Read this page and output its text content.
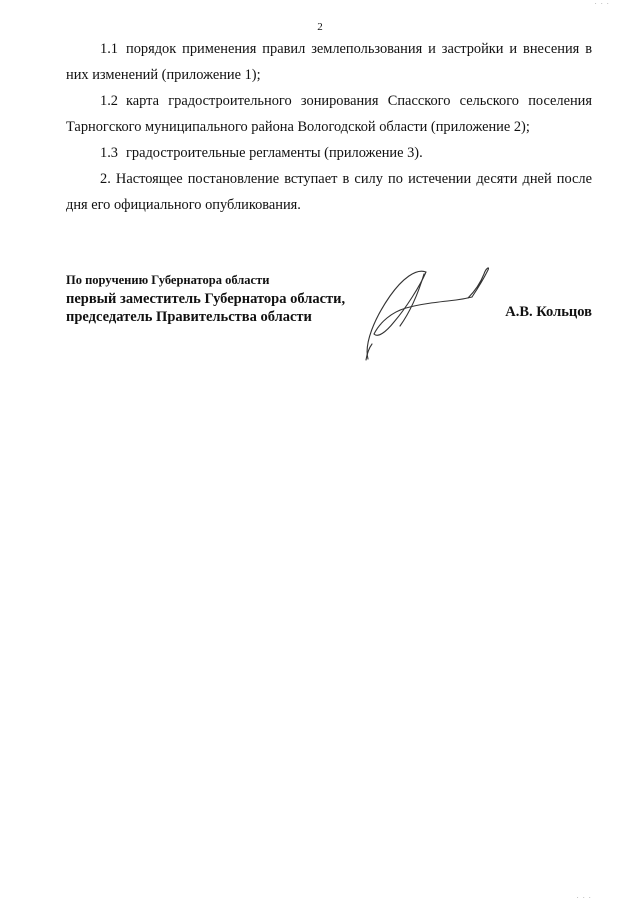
· · ·
2

1.1 порядок применения правил землепользования и застройки и внесения в них изменений (приложение 1);

1.2 карта градостроительного зонирования Спасского сельского поселения Тарногского муниципального района Вологодской области (приложение 2);

1.3 градостроительные регламенты (приложение 3).

2. Настоящее постановление вступает в силу по истечении десяти дней после дня его официального опубликования.

По поручению Губернатора области
первый заместитель Губернатора области,
председатель Правительства области	А.В. Кольцов
· · ·
